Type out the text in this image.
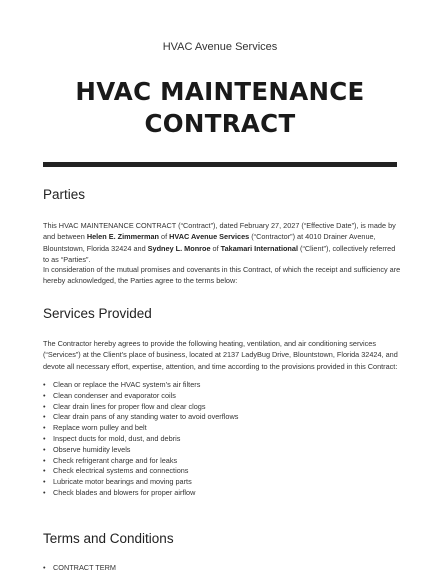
HVAC Avenue Services
HVAC MAINTENANCE
CONTRACT
Parties

This HVAC MAINTENANCE CONTRACT (“Contract”), dated February 27, 2027 (“Effective Date”), is made by and between Helen E. Zimmerman of HVAC Avenue Services (“Contractor”) at 4010 Drainer Avenue, Blountstown, Florida 32424 and Sydney L. Monroe of Takamari International (“Client”), collectively referred to as “Parties”.

In consideration of the mutual promises and covenants in this Contract, of which the receipt and sufficiency are hereby acknowledged, the Parties agree to the terms below:

Services Provided

The Contractor hereby agrees to provide the following heating, ventilation, and air conditioning services (“Services”) at the Client’s place of business, located at 2137 LadyBug Drive, Blountstown, Florida 32424, and devote all necessary effort, expertise, attention, and time according to the provisions provided in this Contract:

• Clean or replace the HVAC system’s air filters
• Clean condenser and evaporator coils
• Clear drain lines for proper flow and clear clogs
• Clear drain pans of any standing water to avoid overflows
• Replace worn pulley and belt
• Inspect ducts for mold, dust, and debris
• Observe humidity levels
• Check refrigerant charge and for leaks
• Check electrical systems and connections
• Lubricate motor bearings and moving parts
• Check blades and blowers for proper airflow
Terms and Conditions
• CONTRACT TERM
